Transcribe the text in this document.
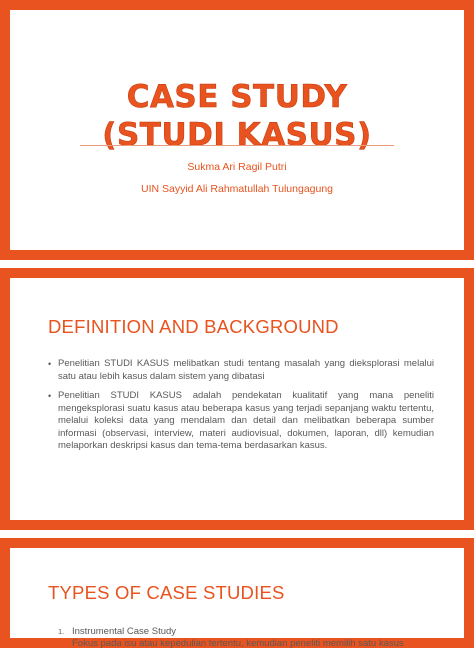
CASE STUDY
(STUDI KASUS)
Sukma Ari Ragil Putri
UIN Sayyid Ali Rahmatullah Tulungagung
DEFINITION AND BACKGROUND
• Penelitian STUDI KASUS melibatkan studi tentang masalah yang dieksplorasi melalui satu atau lebih kasus dalam sistem yang dibatasi
• Penelitian STUDI KASUS adalah pendekatan kualitatif yang mana peneliti mengeksplorasi suatu kasus atau beberapa kasus yang terjadi sepanjang waktu tertentu, melalui koleksi data yang mendalam dan detail dan melibatkan beberapa sumber informasi (observasi, interview, materi audiovisual, dokumen, laporan, dll) kemudian melaporkan deskripsi kasus dan tema-tema berdasarkan kasus.
TYPES OF CASE STUDIES
1. Instrumental Case Study
Fokus pada isu atau kepedulian tertentu, kemudian peneliti memilih satu kasus
